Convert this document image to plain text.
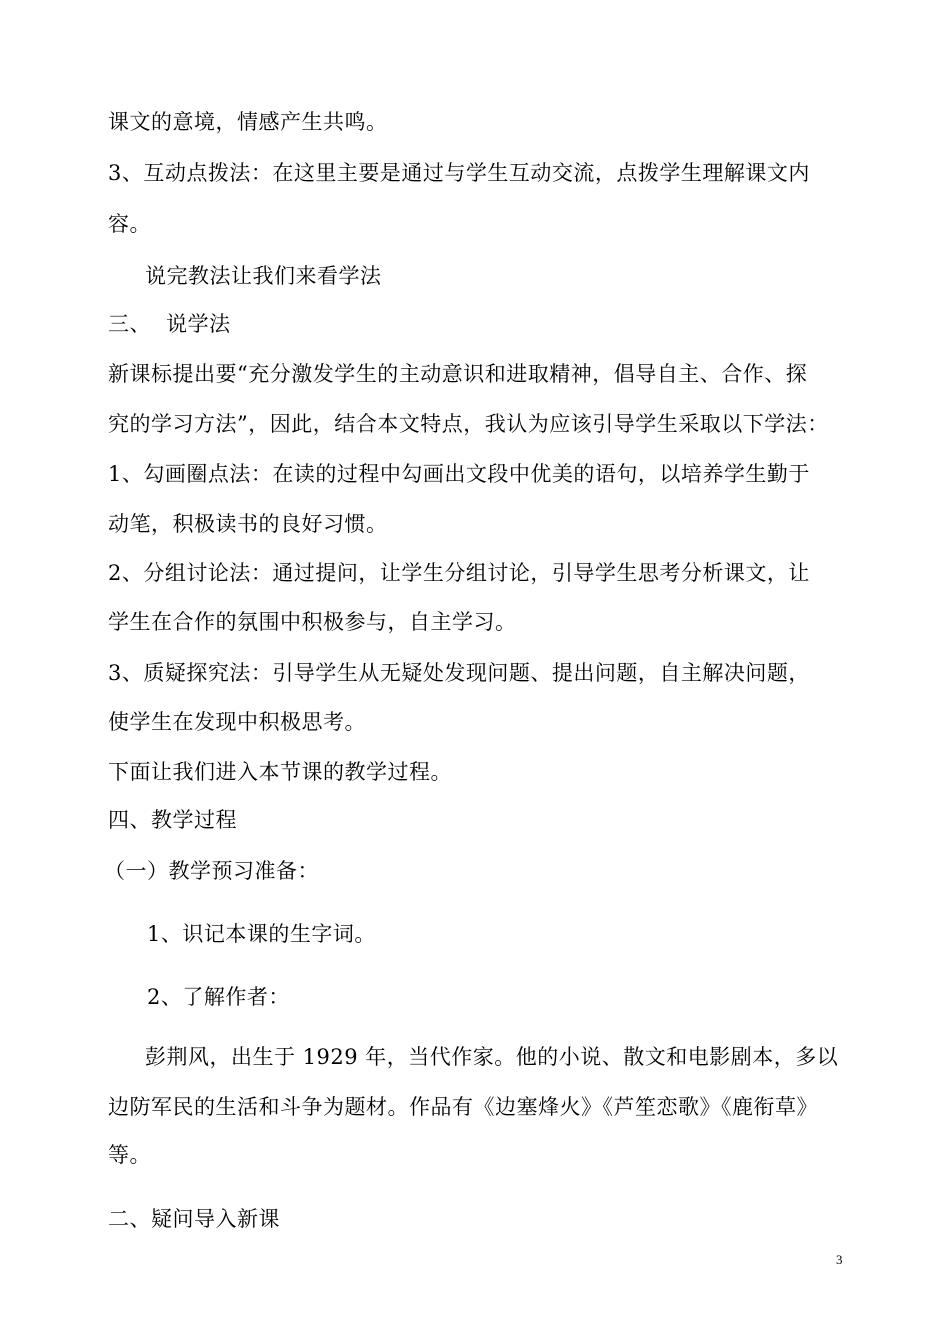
课文的意境，情感产生共鸣。
3、互动点拨法：在这里主要是通过与学生互动交流，点拨学生理解课文内
容。
说完教法让我们来看学法
三、 说学法
新课标提出要“充分激发学生的主动意识和进取精神，倡导自主、合作、探
究的学习方法”，因此，结合本文特点，我认为应该引导学生采取以下学法：
1、勾画圈点法：在读的过程中勾画出文段中优美的语句，以培养学生勤于
动笔，积极读书的良好习惯。
2、分组讨论法：通过提问，让学生分组讨论，引导学生思考分析课文，让
学生在合作的氛围中积极参与，自主学习。
3、质疑探究法：引导学生从无疑处发现问题、提出问题，自主解决问题，
使学生在发现中积极思考。
下面让我们进入本节课的教学过程。
四、教学过程
（一）教学预习准备：
1、识记本课的生字词。
2、了解作者：
彭荆风，出生于 1929 年，当代作家。他的小说、散文和电影剧本，多以
边防军民的生活和斗争为题材。作品有《边塞烽火》《芦笙恋歌》《鹿衔草》
等。
二、疑问导入新课
3
